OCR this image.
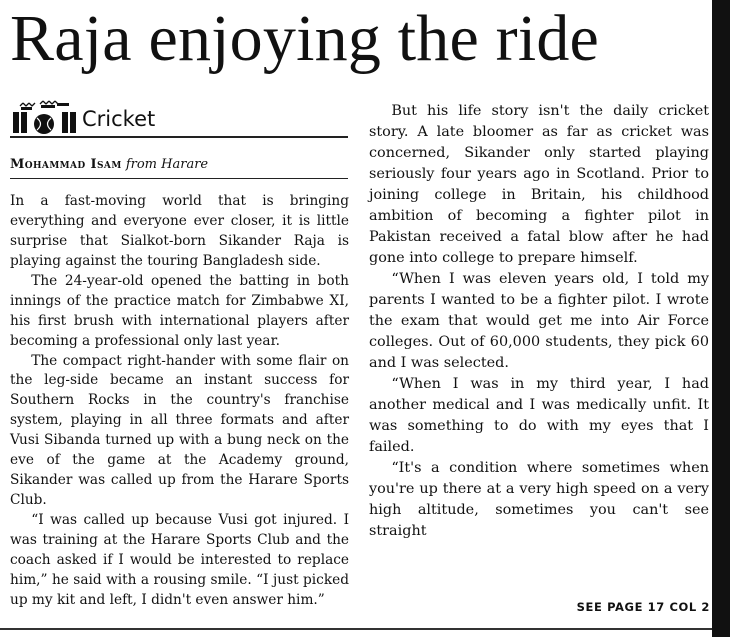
Raja enjoying the ride
Cricket
Mohammad Isam from Harare

In a fast-moving world that is bringing everything and everyone ever closer, it is little surprise that Sialkot-born Sikander Raja is playing against the touring Bangladesh side.

The 24-year-old opened the batting in both innings of the practice match for Zimbabwe XI, his first brush with international players after becoming a professional only last year.

The compact right-hander with some flair on the leg-side became an instant success for Southern Rocks in the country's franchise system, playing in all three formats and after Vusi Sibanda turned up with a bung neck on the eve of the game at the Academy ground, Sikander was called up from the Harare Sports Club.

“I was called up because Vusi got injured. I was training at the Harare Sports Club and the coach asked if I would be interested to replace him,” he said with a rousing smile. “I just picked up my kit and left, I didn't even answer him.”

But his life story isn't the daily cricket story. A late bloomer as far as cricket was concerned, Sikander only started playing seriously four years ago in Scotland. Prior to joining college in Britain, his childhood ambition of becoming a fighter pilot in Pakistan received a fatal blow after he had gone into college to prepare himself.

“When I was eleven years old, I told my parents I wanted to be a fighter pilot. I wrote the exam that would get me into Air Force colleges. Out of 60,000 students, they pick 60 and I was selected.

“When I was in my third year, I had another medical and I was medically unfit. It was something to do with my eyes that I failed.

“It's a condition where sometimes when you're up there at a very high speed on a very high altitude, sometimes you can't see straight

SEE PAGE 17 COL 2
